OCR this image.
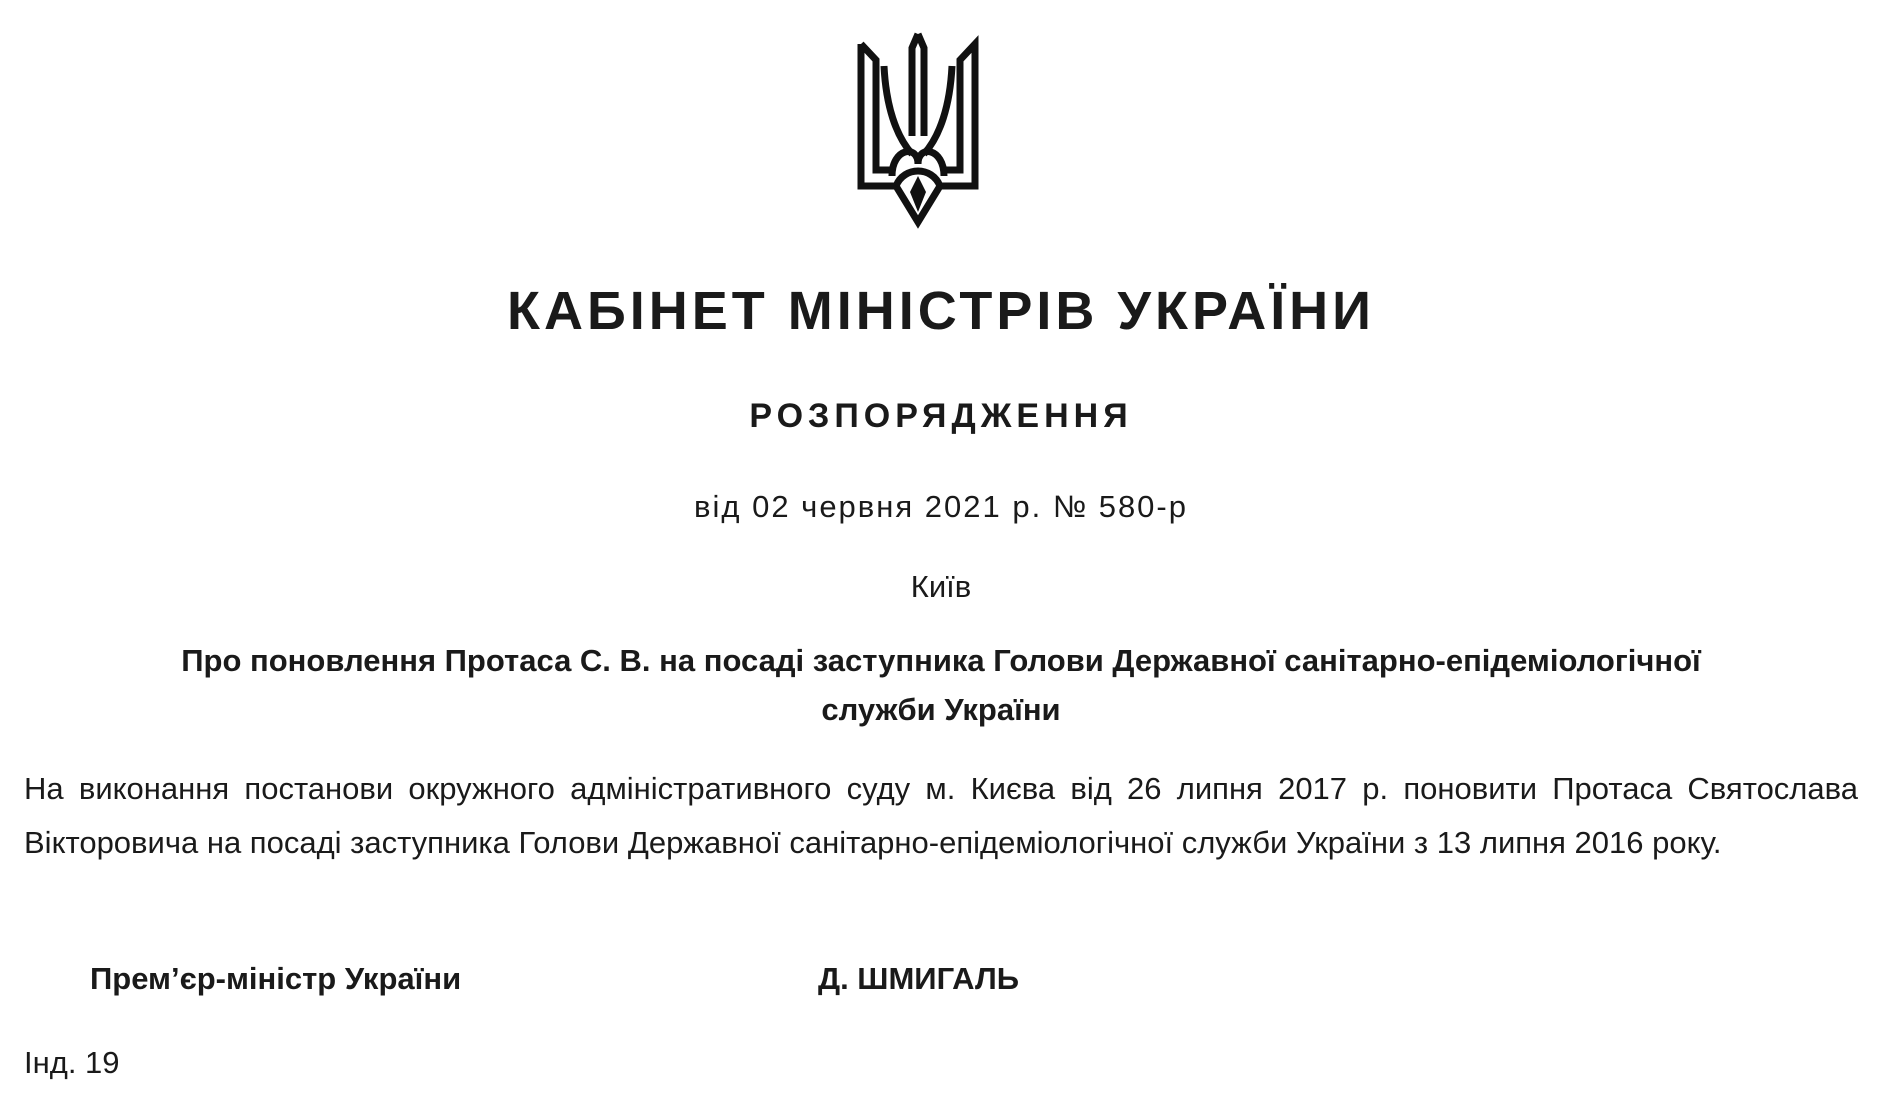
КАБІНЕТ МІНІСТРІВ УКРАЇНИ
РОЗПОРЯДЖЕННЯ
від 02 червня 2021 р. № 580-р
Київ
Про поновлення Протаса С. В. на посаді заступника Голови Державної санітарно-епідеміологічної служби України
На виконання постанови окружного адміністративного суду м. Києва від 26 липня 2017 р. поновити Протаса Святослава Вікторовича на посаді заступника Голови Державної санітарно-епідеміологічної служби України з 13 липня 2016 року.
Прем’єр-міністр України	Д. ШМИГАЛЬ
Інд. 19
